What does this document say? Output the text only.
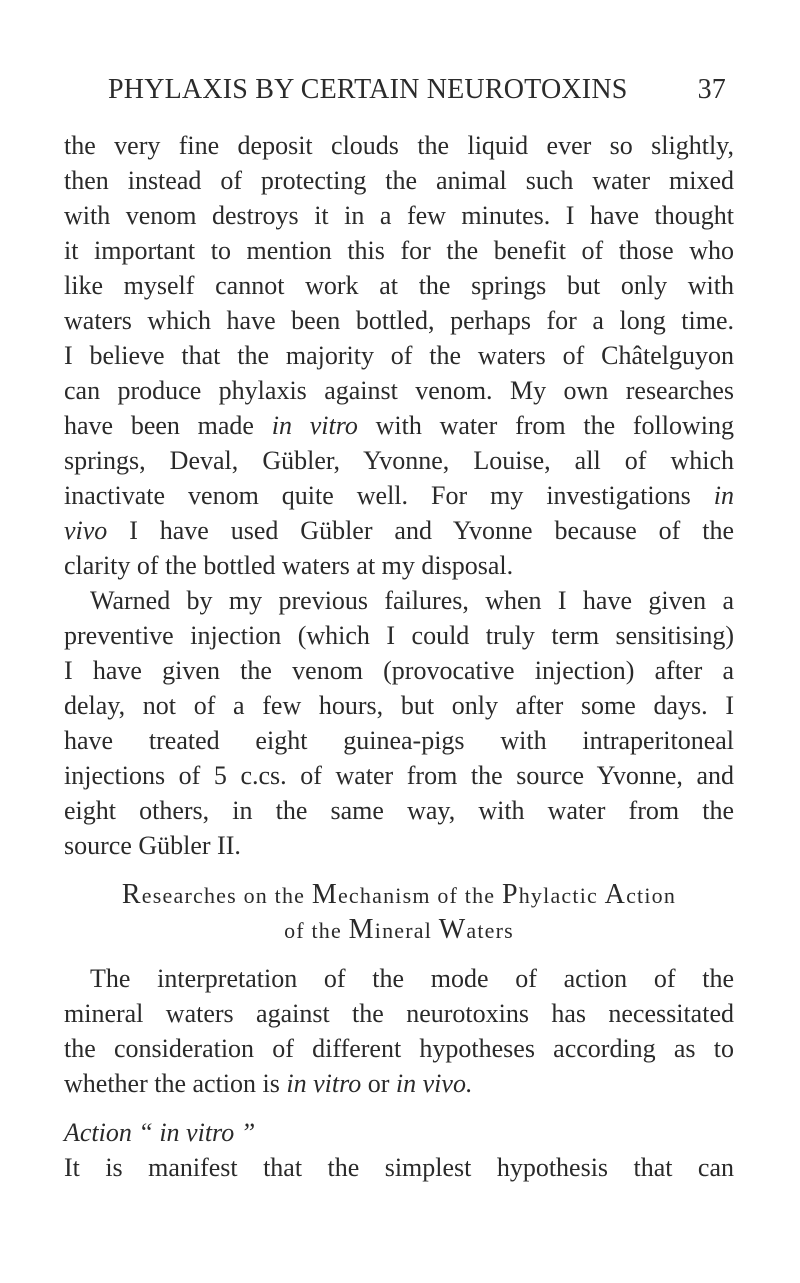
PHYLAXIS BY CERTAIN NEUROTOXINS	37
the very fine deposit clouds the liquid ever so slightly,
then instead of protecting the animal such water mixed
with venom destroys it in a few minutes. I have thought
it important to mention this for the benefit of those who
like myself cannot work at the springs but only with
waters which have been bottled, perhaps for a long time.
I believe that the majority of the waters of Châtelguyon
can produce phylaxis against venom. My own researches
have been made in vitro with water from the following
springs, Deval, Gübler, Yvonne, Louise, all of which
inactivate venom quite well. For my investigations in
vivo I have used Gübler and Yvonne because of the
clarity of the bottled waters at my disposal.
Warned by my previous failures, when I have given a
preventive injection (which I could truly term sensitising)
I have given the venom (provocative injection) after a
delay, not of a few hours, but only after some days. I
have treated eight guinea-pigs with intraperitoneal
injections of 5 c.cs. of water from the source Yvonne, and
eight others, in the same way, with water from the
source Gübler II.
Researches on the Mechanism of the Phylactic Action
of the Mineral Waters
The interpretation of the mode of action of the
mineral waters against the neurotoxins has necessitated
the consideration of different hypotheses according as to
whether the action is in vitro or in vivo.
Action “ in vitro ”
It is manifest that the simplest hypothesis that can
